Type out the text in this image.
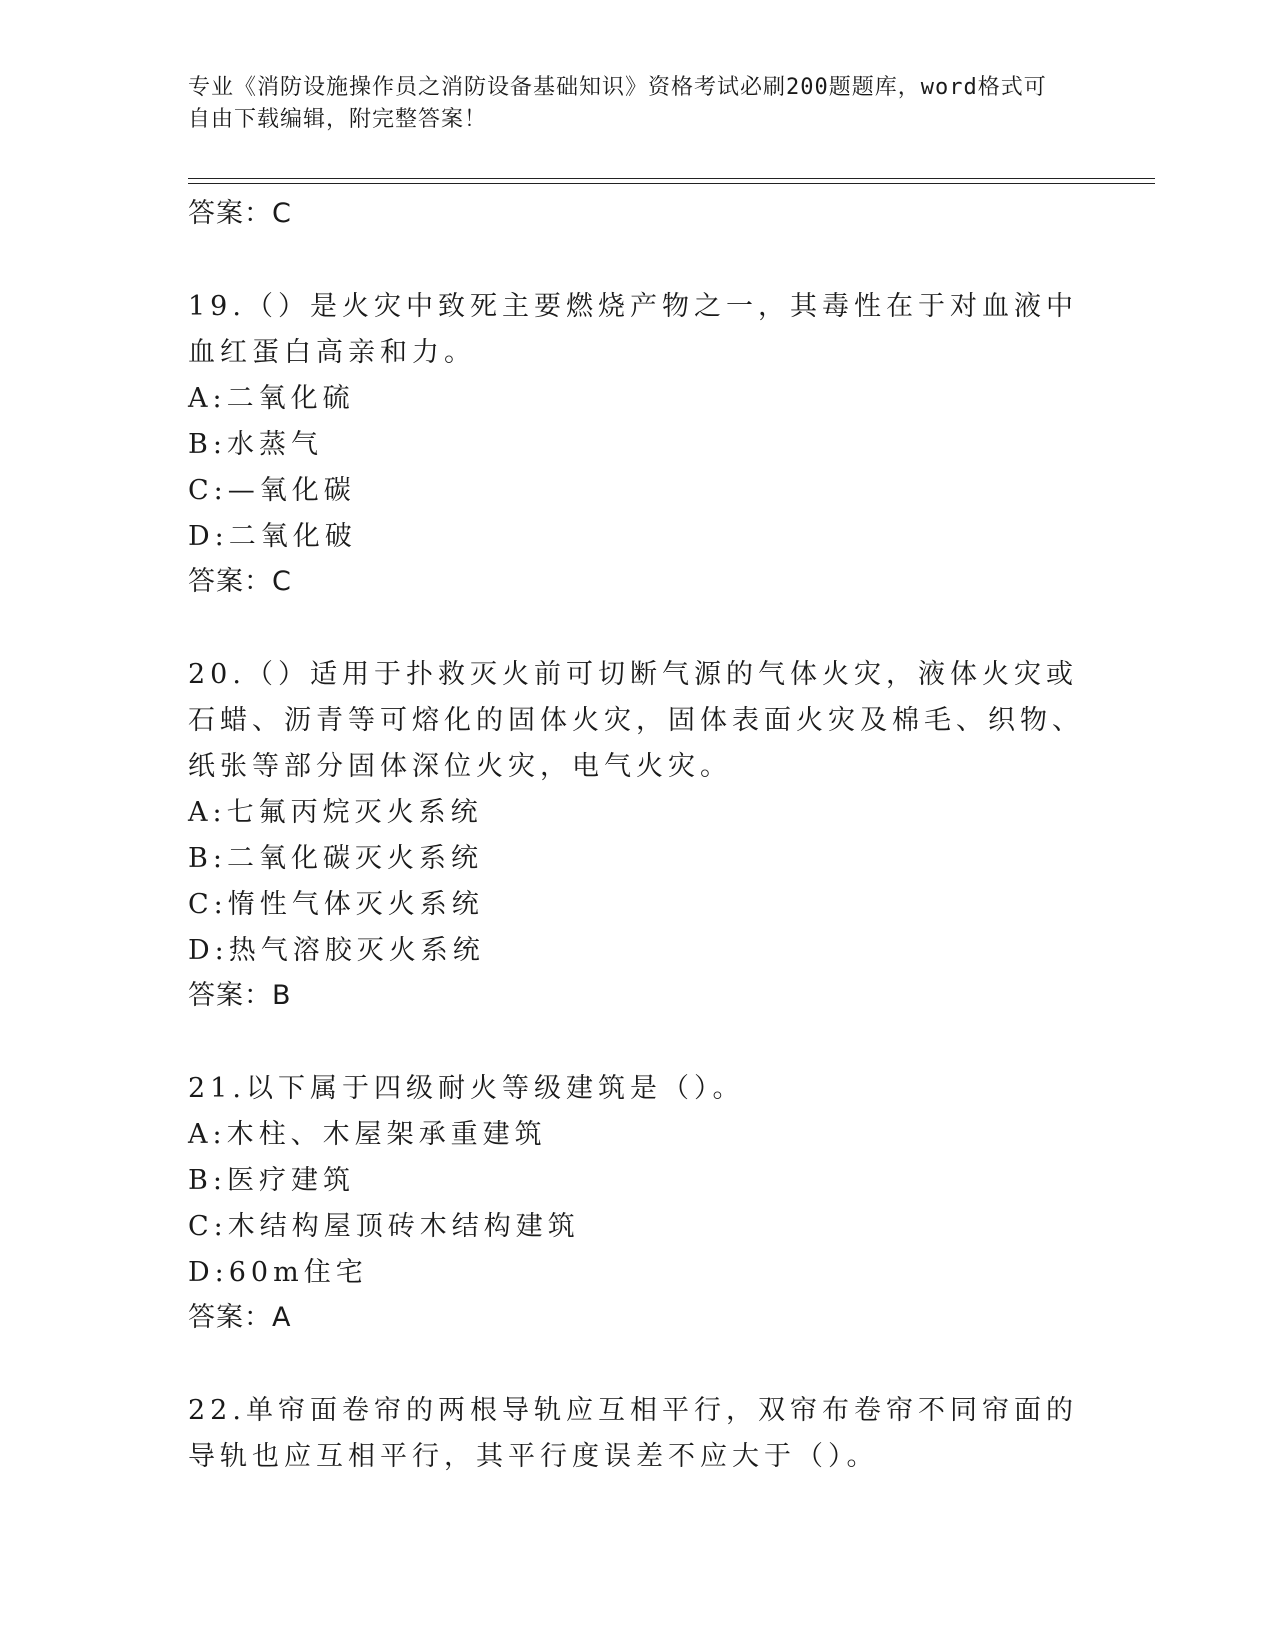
专业《消防设施操作员之消防设备基础知识》资格考试必刷200题题库，word格式可自由下载编辑，附完整答案！

答案：C

19.（）是火灾中致死主要燃烧产物之一，其毒性在于对血液中血红蛋白高亲和力。

A:二氧化硫

B:水蒸气

C:—氧化碳

D:二氧化破

答案：C

20.（）适用于扑救灭火前可切断气源的气体火灾，液体火灾或石蜡、沥青等可熔化的固体火灾，固体表面火灾及棉毛、织物、纸张等部分固体深位火灾，电气火灾。

A:七氟丙烷灭火系统

B:二氧化碳灭火系统

C:惰性气体灭火系统

D:热气溶胶灭火系统

答案：B

21.以下属于四级耐火等级建筑是（）。

A:木柱、木屋架承重建筑

B:医疗建筑

C:木结构屋顶砖木结构建筑

D:60m住宅

答案：A

22.单帘面卷帘的两根导轨应互相平行，双帘布卷帘不同帘面的导轨也应互相平行，其平行度误差不应大于（）。
